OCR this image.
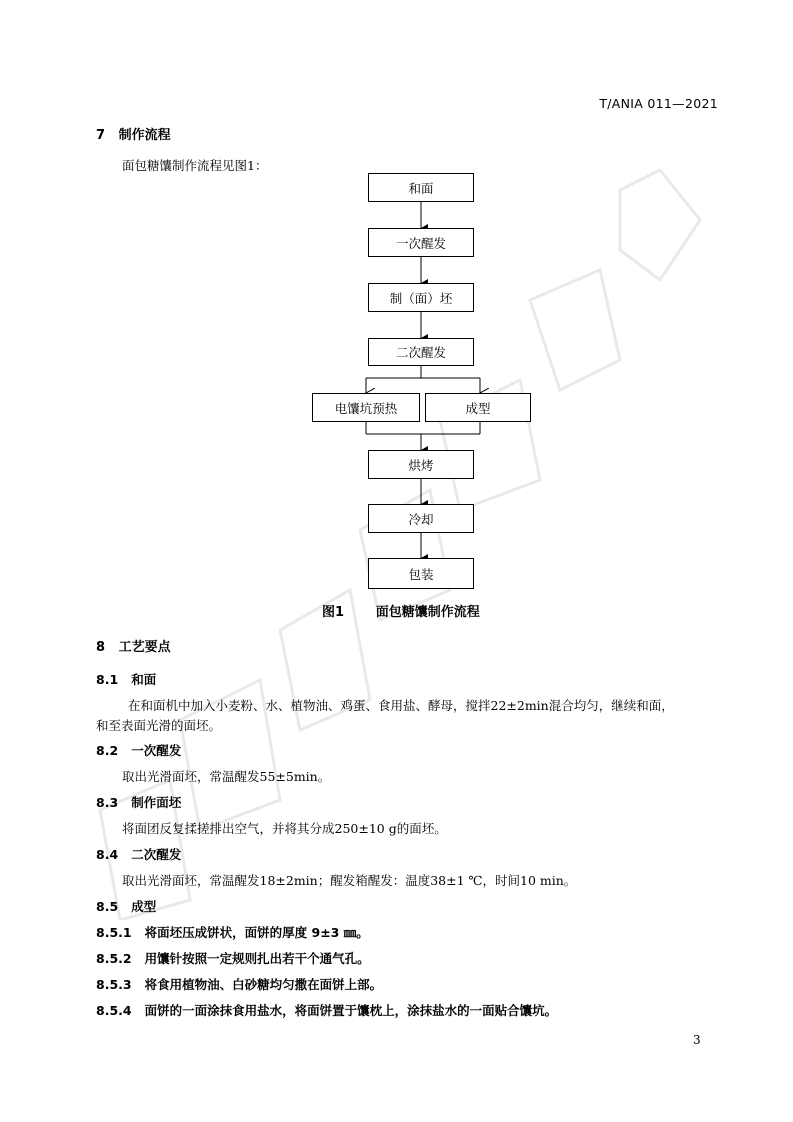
T/ANIA 011—2021
7 制作流程
面包糖馕制作流程见图1：
和面
一次醒发
制（面）坯
二次醒发
电馕坑预热	成型
烘烤
冷却
包装
图1 面包糖馕制作流程
8 工艺要点
8.1 和面
在和面机中加入小麦粉、水、植物油、鸡蛋、食用盐、酵母，搅拌22±2min混合均匀，继续和面，
和至表面光滑的面坯。
8.2 一次醒发
取出光滑面坯，常温醒发55±5min。
8.3 制作面坯
将面团反复揉搓排出空气，并将其分成250±10 g的面坯。
8.4 二次醒发
取出光滑面坯，常温醒发18±2min；醒发箱醒发：温度38±1 ℃，时间10 min。
8.5 成型
8.5.1 将面坯压成饼状，面饼的厚度 9±3 ㎜。
8.5.2 用馕针按照一定规则扎出若干个通气孔。
8.5.3 将食用植物油、白砂糖均匀撒在面饼上部。
8.5.4 面饼的一面涂抹食用盐水，将面饼置于馕枕上，涂抹盐水的一面贴合馕坑。
3
